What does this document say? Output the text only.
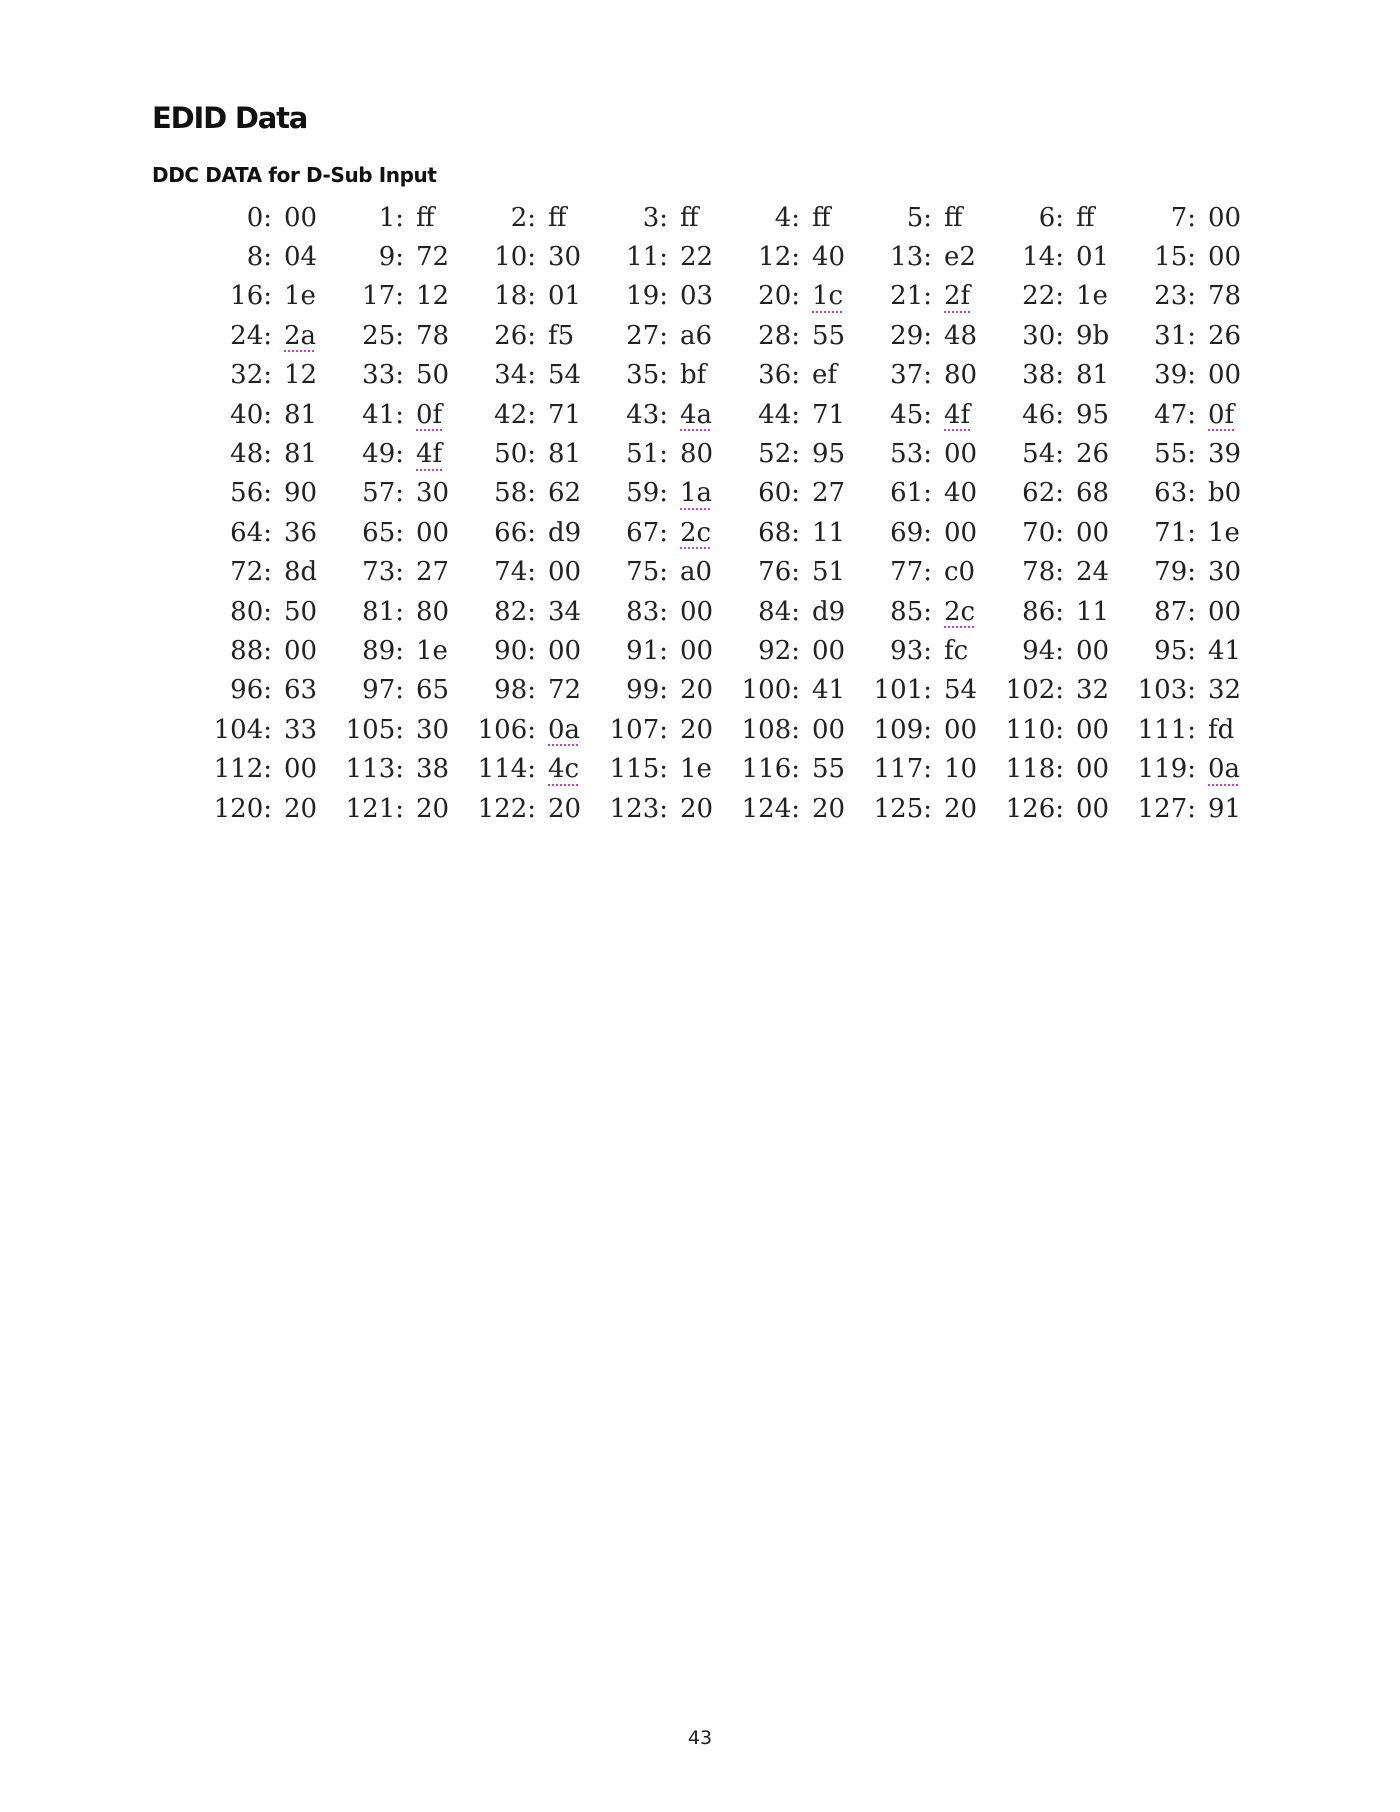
EDID Data
DDC DATA for D-Sub Input
0:	00	1:	ff	2:	ff	3:	ff	4:	ff	5:	ff	6:	ff	7:	00
8:	04	9:	72	10:	30	11:	22	12:	40	13:	e2	14:	01	15:	00
16:	1e	17:	12	18:	01	19:	03	20:	1c	21:	2f	22:	1e	23:	78
24:	2a	25:	78	26:	f5	27:	a6	28:	55	29:	48	30:	9b	31:	26
32:	12	33:	50	34:	54	35:	bf	36:	ef	37:	80	38:	81	39:	00
40:	81	41:	0f	42:	71	43:	4a	44:	71	45:	4f	46:	95	47:	0f
48:	81	49:	4f	50:	81	51:	80	52:	95	53:	00	54:	26	55:	39
56:	90	57:	30	58:	62	59:	1a	60:	27	61:	40	62:	68	63:	b0
64:	36	65:	00	66:	d9	67:	2c	68:	11	69:	00	70:	00	71:	1e
72:	8d	73:	27	74:	00	75:	a0	76:	51	77:	c0	78:	24	79:	30
80:	50	81:	80	82:	34	83:	00	84:	d9	85:	2c	86:	11	87:	00
88:	00	89:	1e	90:	00	91:	00	92:	00	93:	fc	94:	00	95:	41
96:	63	97:	65	98:	72	99:	20	100:	41	101:	54	102:	32	103:	32
104:	33	105:	30	106:	0a	107:	20	108:	00	109:	00	110:	00	111:	fd
112:	00	113:	38	114:	4c	115:	1e	116:	55	117:	10	118:	00	119:	0a
120:	20	121:	20	122:	20	123:	20	124:	20	125:	20	126:	00	127:	91
43
